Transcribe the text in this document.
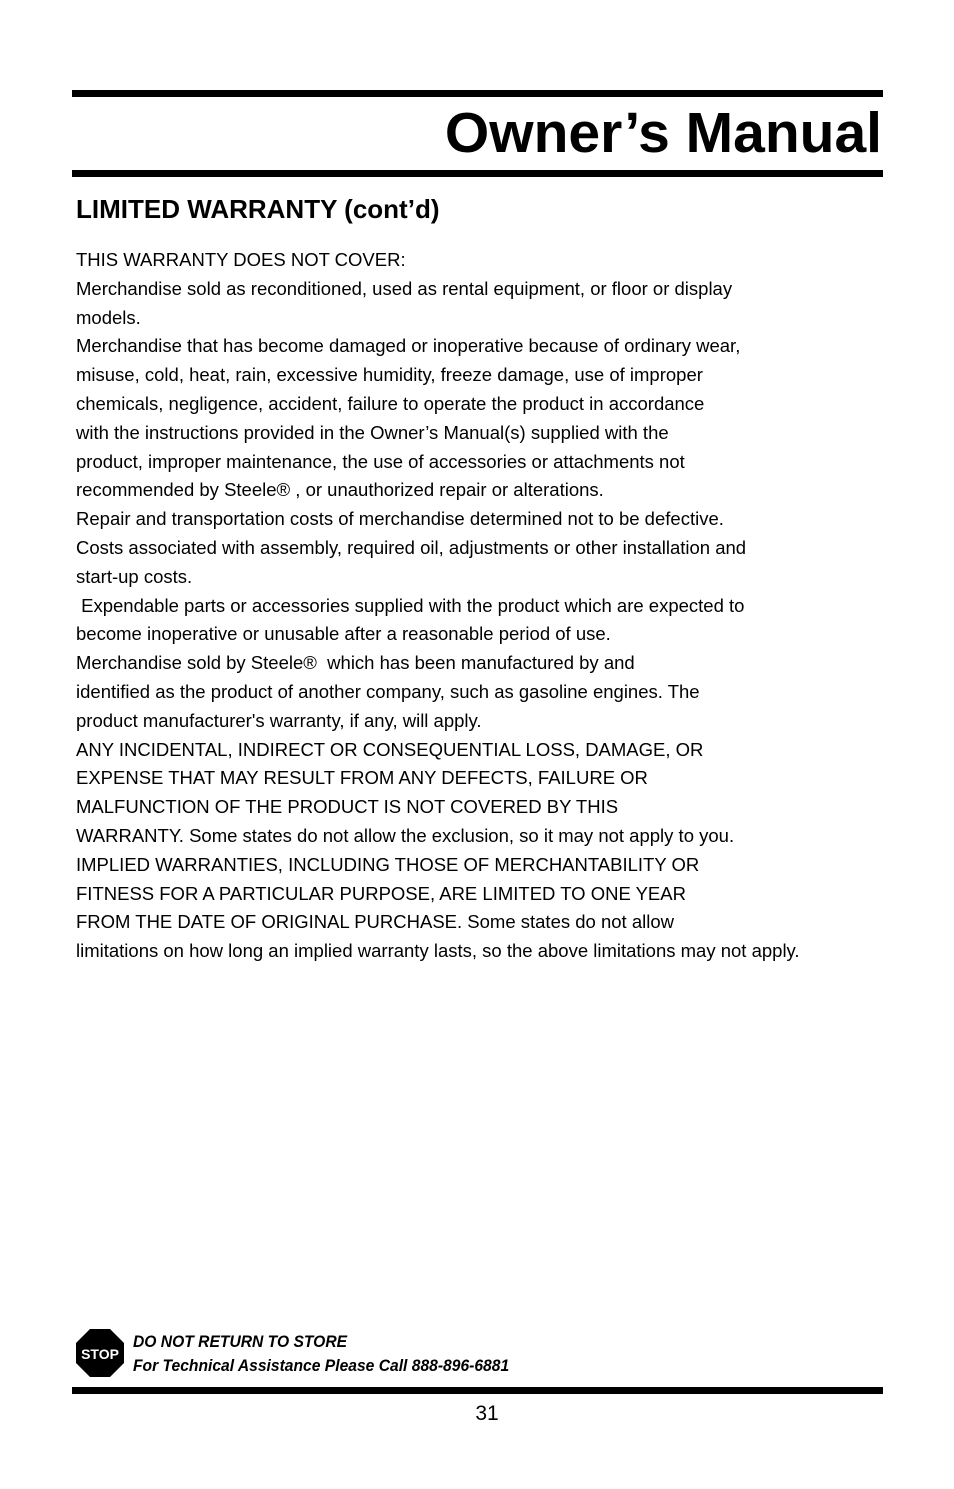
Owner’s Manual
LIMITED WARRANTY (cont’d)
THIS WARRANTY DOES NOT COVER:
Merchandise sold as reconditioned, used as rental equipment, or floor or display
models.
Merchandise that has become damaged or inoperative because of ordinary wear,
misuse, cold, heat, rain, excessive humidity, freeze damage, use of improper
chemicals, negligence, accident, failure to operate the product in accordance
with the instructions provided in the Owner’s Manual(s) supplied with the
product, improper maintenance, the use of accessories or attachments not
recommended by Steele® , or unauthorized repair or alterations.
Repair and transportation costs of merchandise determined not to be defective.
Costs associated with assembly, required oil, adjustments or other installation and
start-up costs.
Expendable parts or accessories supplied with the product which are expected to
become inoperative or unusable after a reasonable period of use.
Merchandise sold by Steele®  which has been manufactured by and
identified as the product of another company, such as gasoline engines. The
product manufacturer's warranty, if any, will apply.
ANY INCIDENTAL, INDIRECT OR CONSEQUENTIAL LOSS, DAMAGE, OR
EXPENSE THAT MAY RESULT FROM ANY DEFECTS, FAILURE OR
MALFUNCTION OF THE PRODUCT IS NOT COVERED BY THIS
WARRANTY. Some states do not allow the exclusion, so it may not apply to you.
IMPLIED WARRANTIES, INCLUDING THOSE OF MERCHANTABILITY OR
FITNESS FOR A PARTICULAR PURPOSE, ARE LIMITED TO ONE YEAR
FROM THE DATE OF ORIGINAL PURCHASE. Some states do not allow
limitations on how long an implied warranty lasts, so the above limitations may not apply.
STOP
DO NOT RETURN TO STORE
For Technical Assistance Please Call 888-896-6881
31
